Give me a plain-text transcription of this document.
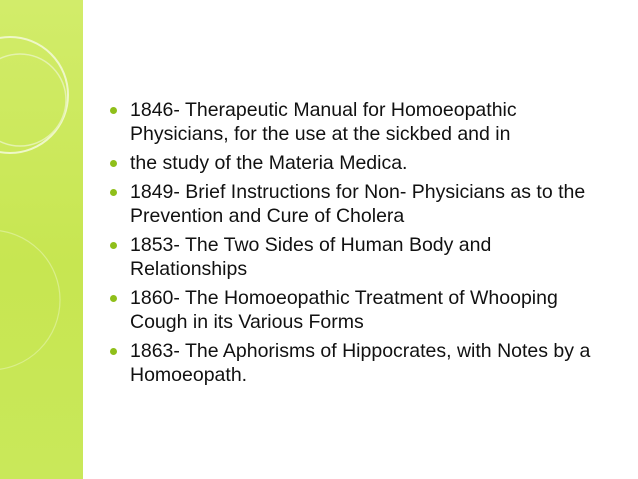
1846- Therapeutic Manual for Homoeopathic Physicians, for the use at the sickbed and in
the study of the Materia Medica.
1849- Brief Instructions for Non- Physicians as to the Prevention and Cure of Cholera
1853- The Two Sides of Human Body and Relationships
1860- The Homoeopathic Treatment of Whooping Cough in its Various Forms
1863- The Aphorisms of Hippocrates, with Notes by a Homoeopath.
